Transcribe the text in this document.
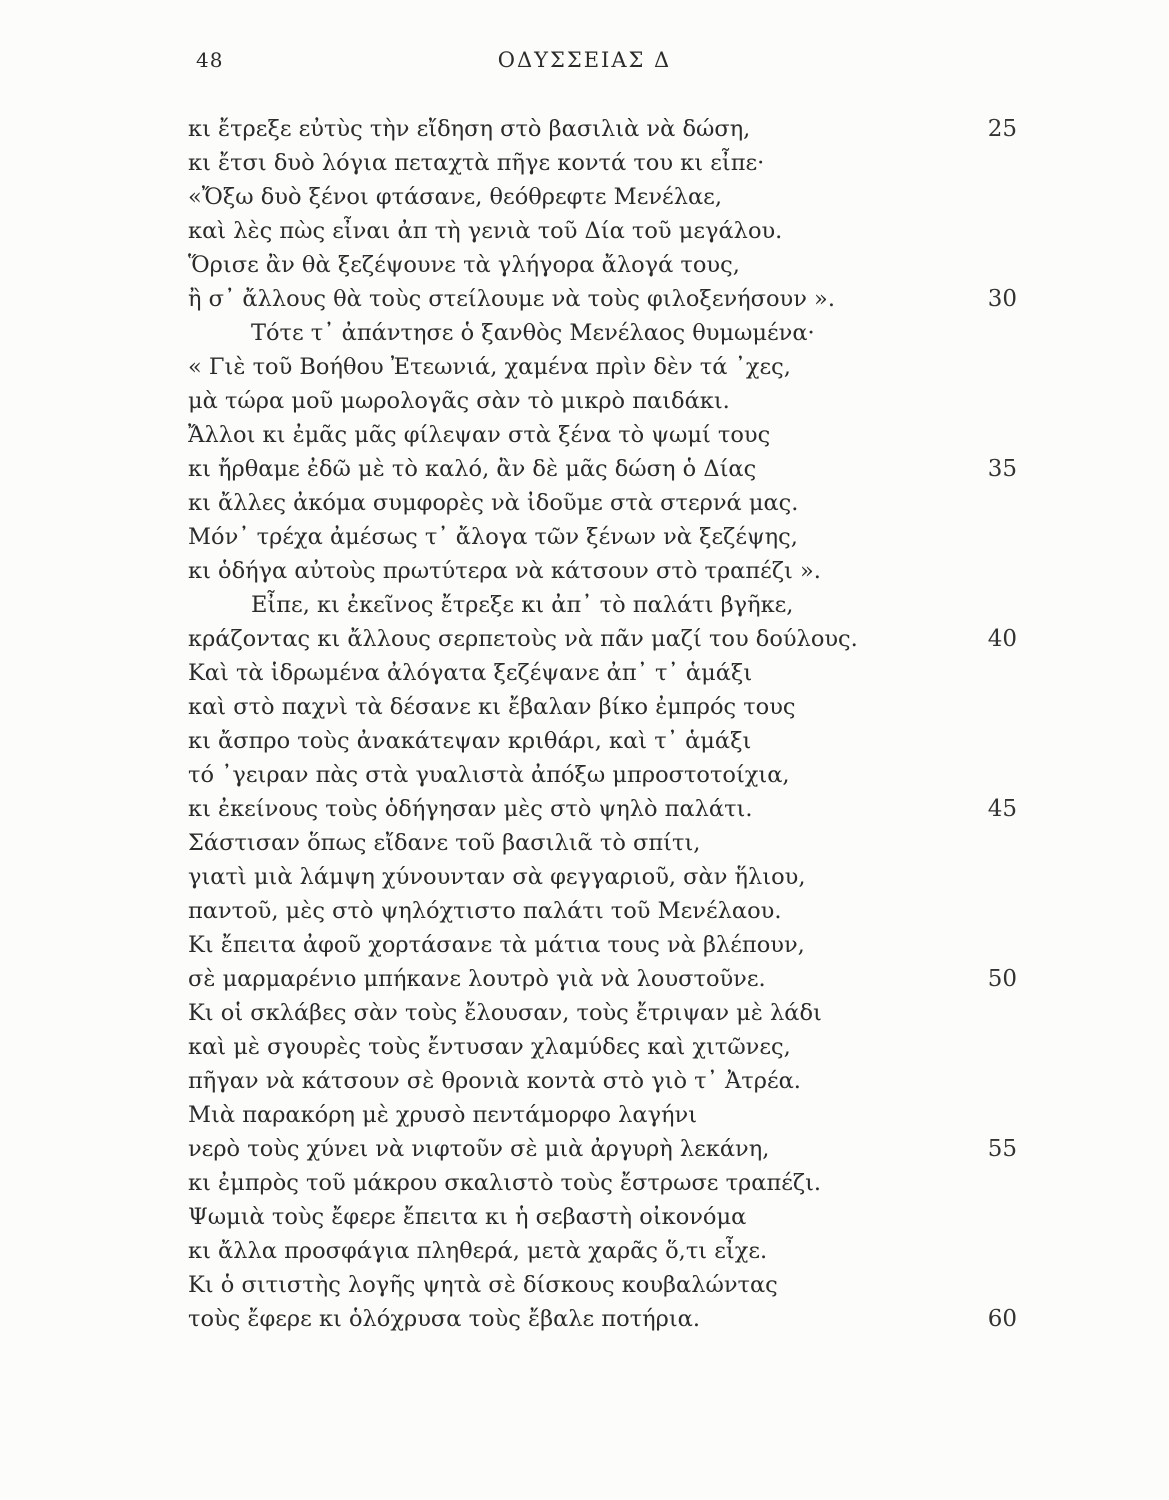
48	ΟΔΥΣΣΕΙΑΣ Δ
κι ἔτρεξε εὐτὺς τὴν εἴδηση στὸ βασιλιὰ νὰ δώση,	25
κι ἔτσι δυὸ λόγια πεταχτὰ πῆγε κοντά του κι εἶπε·
«Ὄξω δυὸ ξένοι φτάσανε, θεόθρεφτε Μενέλαε,
καὶ λὲς πὼς εἶναι ἀπ τὴ γενιὰ τοῦ Δία τοῦ μεγάλου.
Ὅρισε ἂν θὰ ξεζέψουνε τὰ γλήγορα ἄλογά τους,
ἢ σ᾿ ἄλλους θὰ τοὺς στείλουμε νὰ τοὺς φιλοξενήσουν ».	30
Τότε τ᾿ ἀπάντησε ὁ ξανθὸς Μενέλαος θυμωμένα·
« Γιὲ τοῦ Βοήθου Ἐτεωνιά, χαμένα πρὶν δὲν τά ᾿χες,
μὰ τώρα μοῦ μωρολογᾶς σὰν τὸ μικρὸ παιδάκι.
Ἄλλοι κι ἐμᾶς μᾶς φίλεψαν στὰ ξένα τὸ ψωμί τους
κι ἤρθαμε ἐδῶ μὲ τὸ καλό, ἂν δὲ μᾶς δώση ὁ Δίας	35
κι ἄλλες ἀκόμα συμφορὲς νὰ ἰδοῦμε στὰ στερνά μας.
Μόν᾿ τρέχα ἀμέσως τ᾿ ἄλογα τῶν ξένων νὰ ξεζέψης,
κι ὁδήγα αὐτοὺς πρωτύτερα νὰ κάτσουν στὸ τραπέζι ».
Εἶπε, κι ἐκεῖνος ἔτρεξε κι ἀπ᾿ τὸ παλάτι βγῆκε,
κράζοντας κι ἄλλους σερπετοὺς νὰ πᾶν μαζί του δούλους.	40
Καὶ τὰ ἱδρωμένα ἀλόγατα ξεζέψανε ἀπ᾿ τ᾿ ἁμάξι
καὶ στὸ παχνὶ τὰ δέσανε κι ἔβαλαν βίκο ἐμπρός τους
κι ἄσπρο τοὺς ἀνακάτεψαν κριθάρι, καὶ τ᾿ ἁμάξι
τό ᾿γειραν πὰς στὰ γυαλιστὰ ἀπόξω μπροστοτοίχια,
κι ἐκείνους τοὺς ὁδήγησαν μὲς στὸ ψηλὸ παλάτι.	45
Σάστισαν ὅπως εἴδανε τοῦ βασιλιᾶ τὸ σπίτι,
γιατὶ μιὰ λάμψη χύνουνταν σὰ φεγγαριοῦ, σὰν ἥλιου,
παντοῦ, μὲς στὸ ψηλόχτιστο παλάτι τοῦ Μενέλαου.
Κι ἔπειτα ἀφοῦ χορτάσανε τὰ μάτια τους νὰ βλέπουν,
σὲ μαρμαρένιο μπήκανε λουτρὸ γιὰ νὰ λουστοῦνε.	50
Κι οἱ σκλάβες σὰν τοὺς ἔλουσαν, τοὺς ἔτριψαν μὲ λάδι
καὶ μὲ σγουρὲς τοὺς ἔντυσαν χλαμύδες καὶ χιτῶνες,
πῆγαν νὰ κάτσουν σὲ θρονιὰ κοντὰ στὸ γιὸ τ᾿ Ἀτρέα.
Μιὰ παρακόρη μὲ χρυσὸ πεντάμορφο λαγήνι
νερὸ τοὺς χύνει νὰ νιφτοῦν σὲ μιὰ ἀργυρὴ λεκάνη,	55
κι ἐμπρὸς τοῦ μάκρου σκαλιστὸ τοὺς ἔστρωσε τραπέζι.
Ψωμιὰ τοὺς ἔφερε ἔπειτα κι ἡ σεβαστὴ οἰκονόμα
κι ἄλλα προσφάγια πληθερά, μετὰ χαρᾶς ὅ,τι εἶχε.
Κι ὁ σιτιστὴς λογῆς ψητὰ σὲ δίσκους κουβαλώντας
τοὺς ἔφερε κι ὁλόχρυσα τοὺς ἔβαλε ποτήρια.	60
